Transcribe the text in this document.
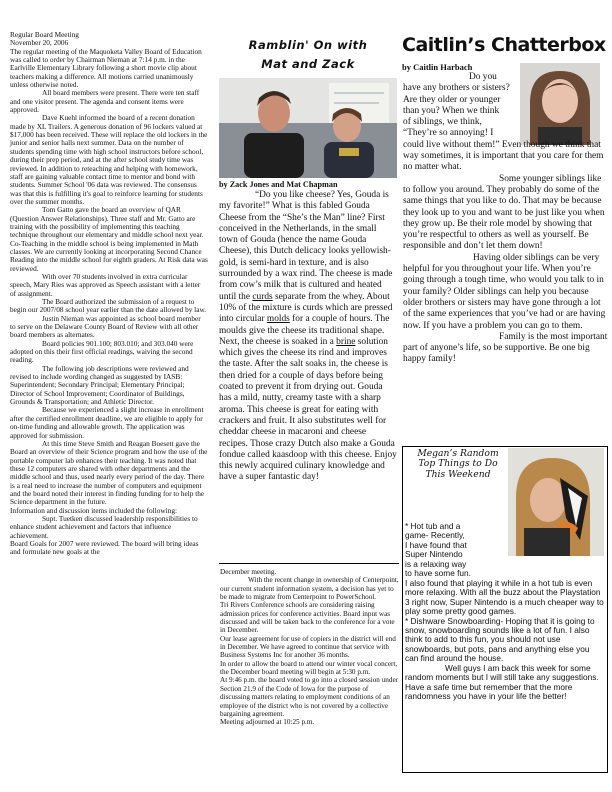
Regular Board Meeting

November 20, 2006

The regular meeting of the Maquoketa Valley Board of Education was called to order by Chairman Nieman at 7:14 p.m. in the Earlville Elementary Library following a short movie clip about teachers making a difference. All motions carried unanimously unless otherwise noted.

All board members were present. There were ten staff and one visitor present. The agenda and consent items were approved.

Dave Kuehl informed the board of a recent donation made by XL Trailers. A generous donation of 96 lockers valued at $17,000 has been received. These will replace the old lockers in the junior and senior halls next summer. Data on the number of students spending time with high school instructors before school, during their prep period, and at the after school study time was reviewed. In addition to reteaching and helping with homework, staff are gaining valuable contact time to mentor and bond with students. Summer School '06 data was reviewed. The consensus was that this is fulfilling it's goal to reinforce learning for students over the summer months.

Tom Gatto gave the board an overview of QAR (Question Answer Relationships). Three staff and Mr. Gatto are training with the possibility of implementing this teaching technique throughout our elementary and middle school next year. Co-Teaching in the middle school is being implemented in Math classes. We are currently looking at incorporating Second Chance Reading into the middle school for eighth graders. At Risk data was reviewed.

With over 70 students involved in extra curricular speech, Mary Ries was approved as Speech assistant with a letter of assignment.

The Board authorized the submission of a request to begin our 2007/08 school year earlier than the date allowed by law.

Justin Nieman was appointed as school board member to serve on the Delaware County Board of Review with all other board members as alternates.

Board policies 901.100; 803.010; and 303.040 were adopted on this their first official readings, waiving the second reading.

The following job descriptions were reviewed and revised to include wording changed as suggested by IASB: Superintendent; Secondary Principal; Elementary Principal; Director of School Improvement; Coordinator of Buildings, Grounds & Transportation; and Athletic Director.

Because we experienced a slight increase in enrollment after the certified enrollment deadline, we are eligible to apply for on-time funding and allowable growth. The application was approved for submission.

At this time Steve Smith and Reagan Boesett gave the Board an overview of their Science program and how the use of the portable computer lab enhances their teaching. It was noted that these 12 computers are shared with other departments and the middle school and thus, used nearly every period of the day. There is a real need to increase the number of computers and equipment and the board noted their interest in finding funding for to help the Science department in the future.

Information and discussion items included the following:

Supt. Tuetken discussed leadership responsibilities to enhance student achievement and factors that influence achievement.

Board Goals for 2007 were reviewed. The board will bring ideas and formulate new goals at the

Ramblin' On with
Mat and Zack
by Zack Jones and Mat Chapman

“Do you like cheese? Yes, Gouda is my favorite!” What is this fabled Gouda Cheese from the “She’s the Man” line? First conceived in the Netherlands, in the small town of Gouda (hence the name Gouda Cheese), this Dutch delicacy looks yellowish-gold, is semi-hard in texture, and is also surrounded by a wax rind. The cheese is made from cow’s milk that is cultured and heated until the curds separate from the whey. About 10% of the mixture is curds which are pressed into circular molds for a couple of hours. The moulds give the cheese its traditional shape. Next, the cheese is soaked in a brine solution which gives the cheese its rind and improves the taste. After the salt soaks in, the cheese is then dried for a couple of days before being coated to prevent it from drying out. Gouda has a mild, nutty, creamy taste with a sharp aroma. This cheese is great for eating with crackers and fruit. It also substitutes well for cheddar cheese in macaroni and cheese recipes. Those crazy Dutch also make a Gouda fondue called kaasdoop with this cheese. Enjoy this newly acquired culinary knowledge and have a super fantastic day!

December meeting.

With the recent change in ownership of Centerpoint, our current student information system, a decision has yet to be made to migrate from Centerpoint to PowerSchool.

Tri Rivers Conference schools are considering raising admission prices for conference activities. Board input was discussed and will be taken back to the conference for a vote in December.

Our lease agreement for use of copiers in the district will end in December. We have agreed to continue that service with Business Systems Inc for another 36 months.

In order to allow the board to attend our winter vocal concert, the December board meeting will begin at 5:30 p.m.

At 9:46 p.m. the board voted to go into a closed session under Section 21.9 of the Code of Iowa for the purpose of discussing matters relating to employment conditions of an employee of the district who is not covered by a collective bargaining agreement.

Meeting adjourned at 10:25 p.m.

Caitlin’s Chatterbox
by Caitlin Harbach

Do you

have any brothers or sisters?

Are they older or younger

than you? When we think

of siblings, we think,

“They’re so annoying! I

could live without them!” Even though we think that way sometimes, it is important that you care for them no matter what.

Some younger siblings like to follow you around. They probably do some of the same things that you like to do. That may be because they look up to you and want to be just like you when they grow up. Be their role model by showing that you’re respectful to others as well as yourself. Be responsible and don’t let them down!

Having older siblings can be very helpful for you throughout your life. When you’re going through a tough time, who would you talk to in your family? Older siblings can help you because older brothers or sisters may have gone through a lot of the same experiences that you’ve had or are having now. If you have a problem you can go to them.

Family is the most important part of anyone’s life, so be supportive. Be one big happy family!

Megan’s Random
Top Things to Do
This Weekend

* Hot tub and a

game- Recently,

I have found that

Super Nintendo

is a relaxing way

to have some fun.

I also found that playing it while in a hot tub is even more relaxing. With all the buzz about the Playstation 3 right now, Super Nintendo is a much cheaper way to play some pretty good games.

* Dishware Snowboarding- Hoping that it is going to snow, snowboarding sounds like a lot of fun. I also think to add to this fun, you should not use snowboards, but pots, pans and anything else you can find around the house.

Well guys I am back this week for some random moments but I will still take any suggestions. Have a safe time but remember that the more randomness you have in your life the better!
